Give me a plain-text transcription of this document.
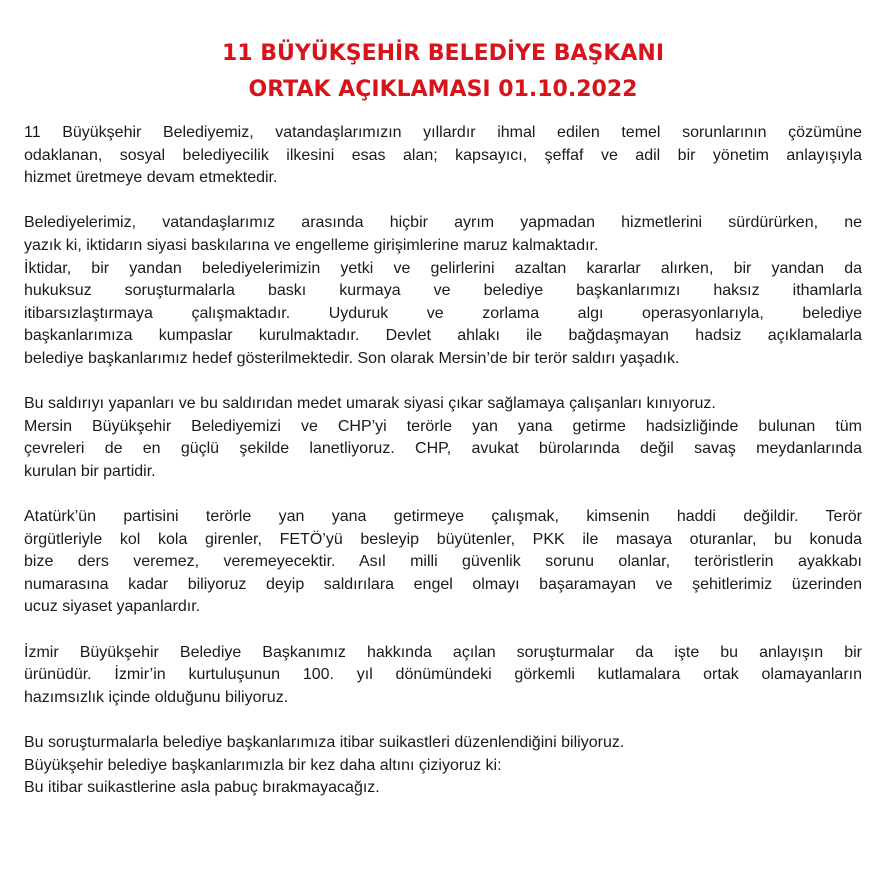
11 BÜYÜKŞEHİR BELEDİYE BAŞKANI
ORTAK AÇIKLAMASI 01.10.2022

11 Büyükşehir Belediyemiz, vatandaşlarımızın yıllardır ihmal edilen temel sorunlarının çözümüne
odaklanan, sosyal belediyecilik ilkesini esas alan; kapsayıcı, şeffaf ve adil bir yönetim anlayışıyla
hizmet üretmeye devam etmektedir.

Belediyelerimiz, vatandaşlarımız arasında hiçbir ayrım yapmadan hizmetlerini sürdürürken, ne
yazık ki, iktidarın siyasi baskılarına ve engelleme girişimlerine maruz kalmaktadır.
İktidar, bir yandan belediyelerimizin yetki ve gelirlerini azaltan kararlar alırken, bir yandan da
hukuksuz soruşturmalarla baskı kurmaya ve belediye başkanlarımızı haksız ithamlarla
itibarsızlaştırmaya çalışmaktadır. Uyduruk ve zorlama algı operasyonlarıyla, belediye
başkanlarımıza kumpaslar kurulmaktadır. Devlet ahlakı ile bağdaşmayan hadsiz açıklamalarla
belediye başkanlarımız hedef gösterilmektedir. Son olarak Mersin’de bir terör saldırı yaşadık.

Bu saldırıyı yapanları ve bu saldırıdan medet umarak siyasi çıkar sağlamaya çalışanları kınıyoruz.
Mersin Büyükşehir Belediyemizi ve CHP’yi terörle yan yana getirme hadsizliğinde bulunan tüm
çevreleri de en güçlü şekilde lanetliyoruz. CHP, avukat bürolarında değil savaş meydanlarında
kurulan bir partidir.

Atatürk’ün partisini terörle yan yana getirmeye çalışmak, kimsenin haddi değildir. Terör
örgütleriyle kol kola girenler, FETÖ’yü besleyip büyütenler, PKK ile masaya oturanlar, bu konuda
bize ders veremez, veremeyecektir. Asıl milli güvenlik sorunu olanlar, teröristlerin ayakkabı
numarasına kadar biliyoruz deyip saldırılara engel olmayı başaramayan ve şehitlerimiz üzerinden
ucuz siyaset yapanlardır.

İzmir Büyükşehir Belediye Başkanımız hakkında açılan soruşturmalar da işte bu anlayışın bir
ürünüdür. İzmir’in kurtuluşunun 100. yıl dönümündeki görkemli kutlamalara ortak olamayanların
hazımsızlık içinde olduğunu biliyoruz.

Bu soruşturmalarla belediye başkanlarımıza itibar suikastleri düzenlendiğini biliyoruz.
Büyükşehir belediye başkanlarımızla bir kez daha altını çiziyoruz ki:
Bu itibar suikastlerine asla pabuç bırakmayacağız.
